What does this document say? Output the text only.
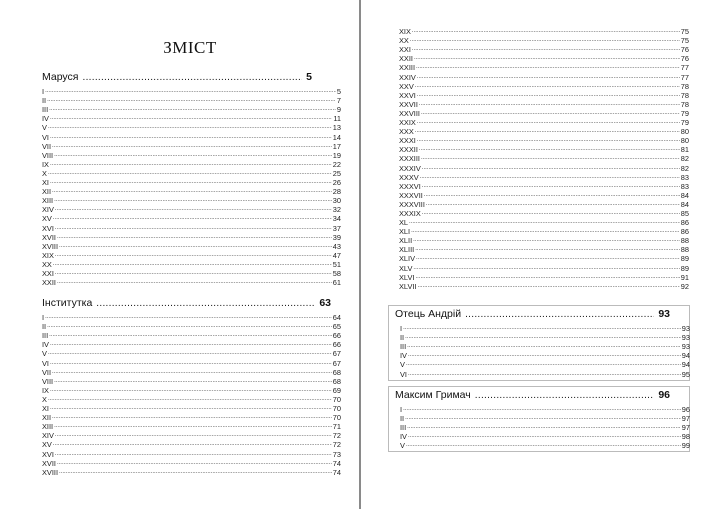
ЗМІСТ
Маруся .....	5
I .....	5
II .....	7
III .....	9
IV .....	11
V .....	13
VI .....	14
VII .....	17
VIII .....	19
IX .....	22
X .....	25
XI .....	26
XII .....	28
XIII .....	30
XIV .....	32
XV .....	34
XVI .....	37
XVII .....	39
XVIII .....	43
XIX .....	47
XX .....	51
XXI .....	58
XXII .....	61
Інститутка .....	63
I .....	64
II .....	65
III .....	66
IV .....	66
V .....	67
VI .....	67
VII .....	68
VIII .....	68
IX .....	69
X .....	70
XI .....	70
XII .....	70
XIII .....	71
XIV .....	72
XV .....	72
XVI .....	73
XVII .....	74
XVIII .....	74
XIX .....	75
XX .....	75
XXI .....	76
XXII .....	76
XXIII .....	77
XXIV .....	77
XXV .....	78
XXVI .....	78
XXVII .....	78
XXVIII .....	79
XXIX .....	79
XXX .....	80
XXXI .....	80
XXXII .....	81
XXXIII .....	82
XXXIV .....	82
XXXV .....	83
XXXVI .....	83
XXXVII .....	84
XXXVIII .....	84
XXXIX .....	85
XL .....	86
XLI .....	86
XLII .....	88
XLIII .....	88
XLIV .....	89
XLV .....	89
XLVI .....	91
XLVII .....	92
Отець Андрій .....	93
I .....	93
II .....	93
III .....	93
IV .....	94
V .....	94
VI .....	95
Максим Гримач .....	96
I .....	96
II .....	97
III .....	97
IV .....	98
V .....	99
